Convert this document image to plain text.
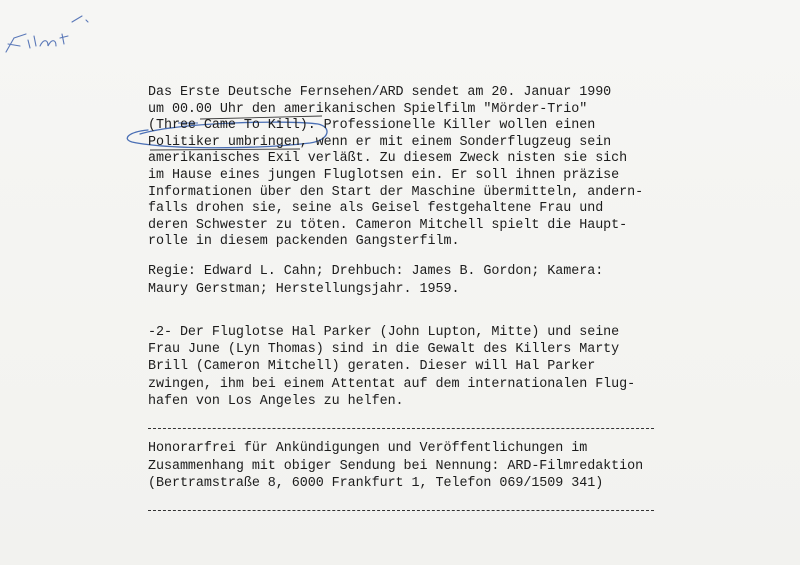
Das Erste Deutsche Fernsehen/ARD sendet am 20. Januar 1990
um 00.00 Uhr den amerikanischen Spielfilm "Mörder-Trio"
(Three Came To Kill). Professionelle Killer wollen einen
Politiker umbringen, wenn er mit einem Sonderflugzeug sein
amerikanisches Exil verläßt. Zu diesem Zweck nisten sie sich
im Hause eines jungen Fluglotsen ein. Er soll ihnen präzise
Informationen über den Start der Maschine übermitteln, andern-
falls drohen sie, seine als Geisel festgehaltene Frau und
deren Schwester zu töten. Cameron Mitchell spielt die Haupt-
rolle in diesem packenden Gangsterfilm.
Regie: Edward L. Cahn; Drehbuch: James B. Gordon; Kamera:
Maury Gerstman; Herstellungsjahr. 1959.
-2- Der Fluglotse Hal Parker (John Lupton, Mitte) und seine
Frau June (Lyn Thomas) sind in die Gewalt des Killers Marty
Brill (Cameron Mitchell) geraten. Dieser will Hal Parker
zwingen, ihm bei einem Attentat auf dem internationalen Flug-
hafen von Los Angeles zu helfen.
Honorarfrei für Ankündigungen und Veröffentlichungen im
Zusammenhang mit obiger Sendung bei Nennung: ARD-Filmredaktion
(Bertramstraße 8, 6000 Frankfurt 1, Telefon 069/1509 341)
